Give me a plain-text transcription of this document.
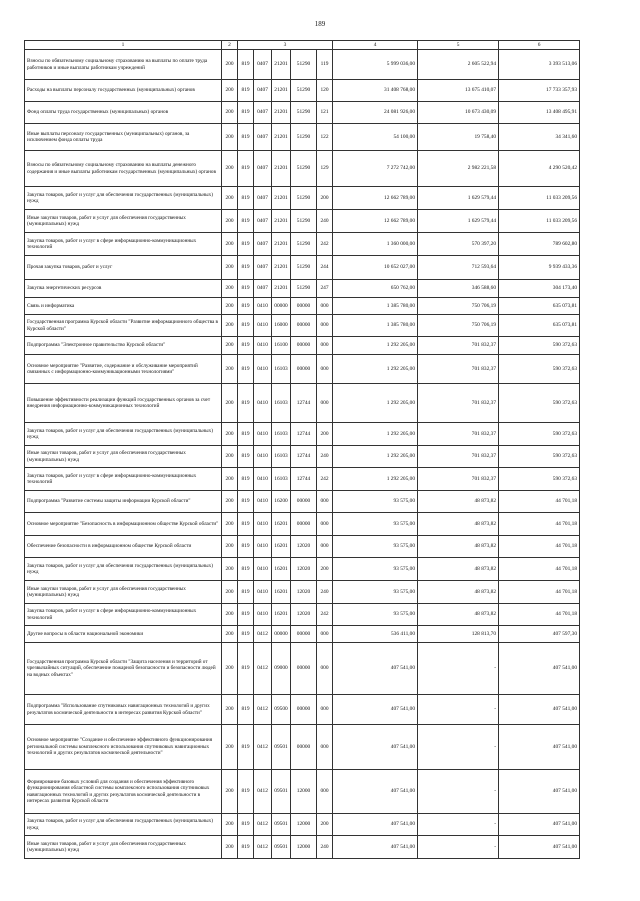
189
1	2	3					4	5	6
Взносы по обязательному социальному страхованию на выплаты по оплате труда работников и иные выплаты работникам учреждений	200	819	0407	21201	51290	119	5 999 036,00	2 605 522,94	3 393 513,06
Расходы на выплаты персоналу государственных (муниципальных) органов	200	819	0407	21201	51290	120	31 408 768,00	13 675 410,07	17 733 357,93
Фонд оплаты труда государственных (муниципальных) органов	200	819	0407	21201	51290	121	24 081 926,00	10 673 430,09	13 408 495,91
Иные выплаты персоналу государственных (муниципальных) органов, за исключением фонда оплаты труда	200	819	0407	21201	51290	122	54 100,00	19 758,40	34 341,60
Взносы по обязательному социальному страхованию на выплаты денежного содержания и иные выплаты работникам государственных (муниципальных) органов	200	819	0407	21201	51290	129	7 272 742,00	2 982 221,58	4 290 520,42
Закупка товаров, работ и услуг для обеспечения государственных (муниципальных) нужд	200	819	0407	21201	51290	200	12 662 789,00	1 629 579,44	11 033 209,56
Иные закупки товаров, работ и услуг для обеспечения государственных (муниципальных) нужд	200	819	0407	21201	51290	240	12 662 789,00	1 629 579,44	11 033 209,56
Закупка товаров, работ и услуг в сфере информационно-коммуникационных технологий	200	819	0407	21201	51290	242	1 360 000,00	570 397,20	789 602,80
Прочая закупка товаров, работ и услуг	200	819	0407	21201	51290	244	10 652 027,00	712 593,64	9 939 433,36
Закупка энергетических ресурсов	200	819	0407	21201	51290	247	650 762,00	346 588,60	304 173,40
Связь и информатика	200	819	0410	00000	00000	000	1 385 780,00	750 706,19	635 073,81
Государственная программа Курской области "Развитие информационного общества в Курской области"	200	819	0410	16000	00000	000	1 385 780,00	750 706,19	635 073,81
Подпрограмма "Электронное правительство Курской области"	200	819	0410	16100	00000	000	1 292 205,00	701 832,37	590 372,63
Основное мероприятие "Развитие, содержание и обслуживание мероприятий связанных с информационно-коммуникационными технологиями"	200	819	0410	16103	00000	000	1 292 205,00	701 832,37	590 372,63
Повышение эффективности реализации функций государственных органов за счет внедрения информационно-коммуникационных технологий	200	819	0410	16103	12744	000	1 292 205,00	701 832,37	590 372,63
Закупка товаров, работ и услуг для обеспечения государственных (муниципальных) нужд	200	819	0410	16103	12744	200	1 292 205,00	701 832,37	590 372,63
Иные закупки товаров, работ и услуг для обеспечения государственных (муниципальных) нужд	200	819	0410	16103	12744	240	1 292 205,00	701 832,37	590 372,63
Закупка товаров, работ и услуг в сфере информационно-коммуникационных технологий	200	819	0410	16103	12744	242	1 292 205,00	701 832,37	590 372,63
Подпрограмма "Развитие системы защиты информации Курской области"	200	819	0410	16200	00000	000	93 575,00	48 873,82	44 701,18
Основное мероприятие "Безопасность в информационном обществе Курской области"	200	819	0410	16201	00000	000	93 575,00	48 873,82	44 701,18
Обеспечение безопасности в информационном обществе Курской области	200	819	0410	16201	12020	000	93 575,00	48 873,82	44 701,18
Закупка товаров, работ и услуг для обеспечения государственных (муниципальных) нужд	200	819	0410	16201	12020	200	93 575,00	48 873,82	44 701,18
Иные закупки товаров, работ и услуг для обеспечения государственных (муниципальных) нужд	200	819	0410	16201	12020	240	93 575,00	48 873,82	44 701,18
Закупка товаров, работ и услуг в сфере информационно-коммуникационных технологий	200	819	0410	16201	12020	242	93 575,00	48 873,82	44 701,18
Другие вопросы в области национальной экономики	200	819	0412	00000	00000	000	536 411,00	128 813,70	407 597,30
Государственная программа Курской области "Защита населения и территорий от чрезвычайных ситуаций, обеспечение пожарной безопасности и безопасности людей на водных объектах"	200	819	0412	09000	00000	000	407 541,00	-	407 541,00
Подпрограмма "Использование спутниковых навигационных технологий и других результатов космической деятельности в интересах развития Курской области"	200	819	0412	09500	00000	000	407 541,00	-	407 541,00
Основное мероприятие "Создание и обеспечение эффективного функционирования региональной системы комплексного использования спутниковых навигационных технологий и других результатов космической деятельности"	200	819	0412	09501	00000	000	407 541,00	-	407 541,00
Формирование базовых условий для создания и обеспечения эффективного функционирования областной системы комплексного использования спутниковых навигационных технологий и других результатов космической деятельности в интересах развития Курской области	200	819	0412	09501	12000	000	407 541,00	-	407 541,00
Закупка товаров, работ и услуг для обеспечения государственных (муниципальных) нужд	200	819	0412	09501	12000	200	407 541,00	-	407 541,00
Иные закупки товаров, работ и услуг для обеспечения государственных (муниципальных) нужд	200	819	0412	09501	12000	240	407 541,00	-	407 541,00
